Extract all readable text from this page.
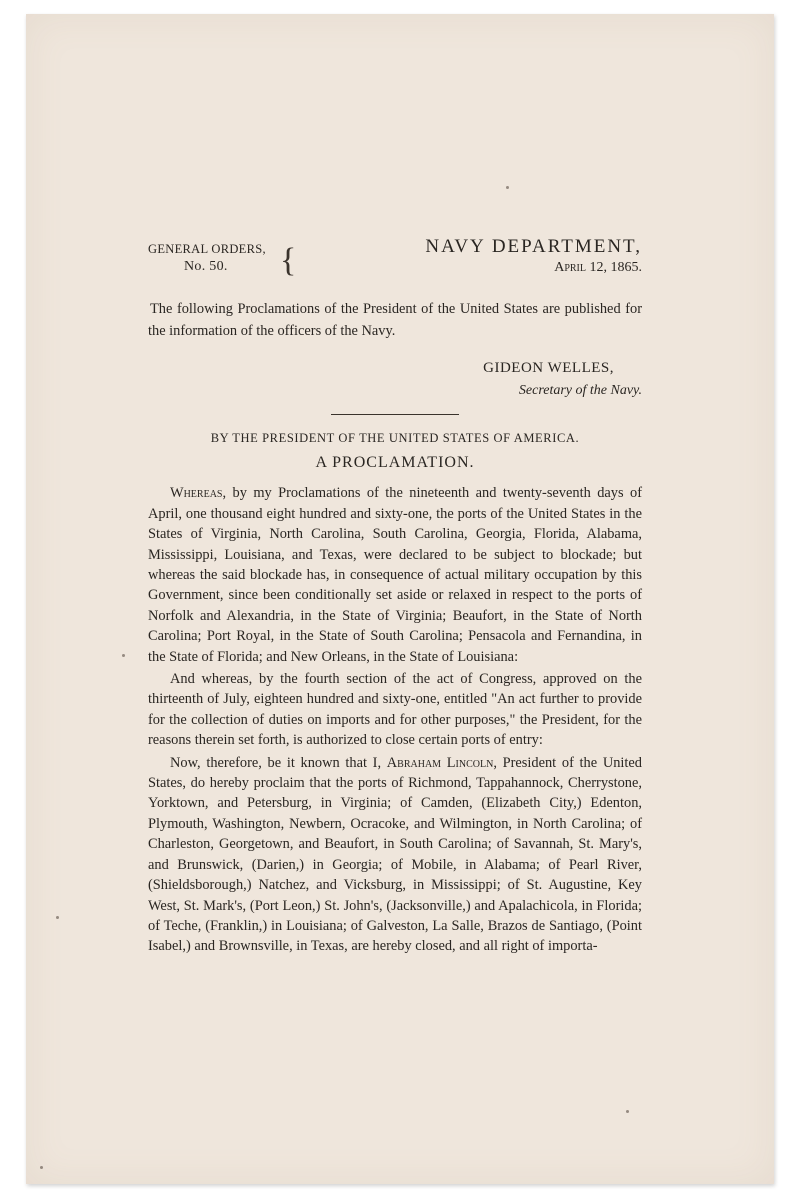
GENERAL ORDERS,
No. 50.	{	NAVY DEPARTMENT,
April 12, 1865.

The following Proclamations of the President of the United States are published for the information of the officers of the Navy.

GIDEON WELLES,
Secretary of the Navy.
BY THE PRESIDENT OF THE UNITED STATES OF AMERICA.
A PROCLAMATION.

Whereas, by my Proclamations of the nineteenth and twenty-seventh days of April, one thousand eight hundred and sixty-one, the ports of the United States in the States of Virginia, North Carolina, South Carolina, Georgia, Florida, Alabama, Mississippi, Louisiana, and Texas, were declared to be subject to blockade; but whereas the said blockade has, in consequence of actual military occupation by this Government, since been conditionally set aside or relaxed in respect to the ports of Norfolk and Alexandria, in the State of Virginia; Beaufort, in the State of North Carolina; Port Royal, in the State of South Carolina; Pensacola and Fernandina, in the State of Florida; and New Orleans, in the State of Louisiana:

And whereas, by the fourth section of the act of Congress, approved on the thirteenth of July, eighteen hundred and sixty-one, entitled "An act further to provide for the collection of duties on imports and for other purposes," the President, for the reasons therein set forth, is authorized to close certain ports of entry:

Now, therefore, be it known that I, Abraham Lincoln, President of the United States, do hereby proclaim that the ports of Richmond, Tappahannock, Cherrystone, Yorktown, and Petersburg, in Virginia; of Camden, (Elizabeth City,) Edenton, Plymouth, Washington, Newbern, Ocracoke, and Wilmington, in North Carolina; of Charleston, Georgetown, and Beaufort, in South Carolina; of Savannah, St. Mary's, and Brunswick, (Darien,) in Georgia; of Mobile, in Alabama; of Pearl River, (Shieldsborough,) Natchez, and Vicksburg, in Mississippi; of St. Augustine, Key West, St. Mark's, (Port Leon,) St. John's, (Jacksonville,) and Apalachicola, in Florida; of Teche, (Franklin,) in Louisiana; of Galveston, La Salle, Brazos de Santiago, (Point Isabel,) and Brownsville, in Texas, are hereby closed, and all right of importa-
